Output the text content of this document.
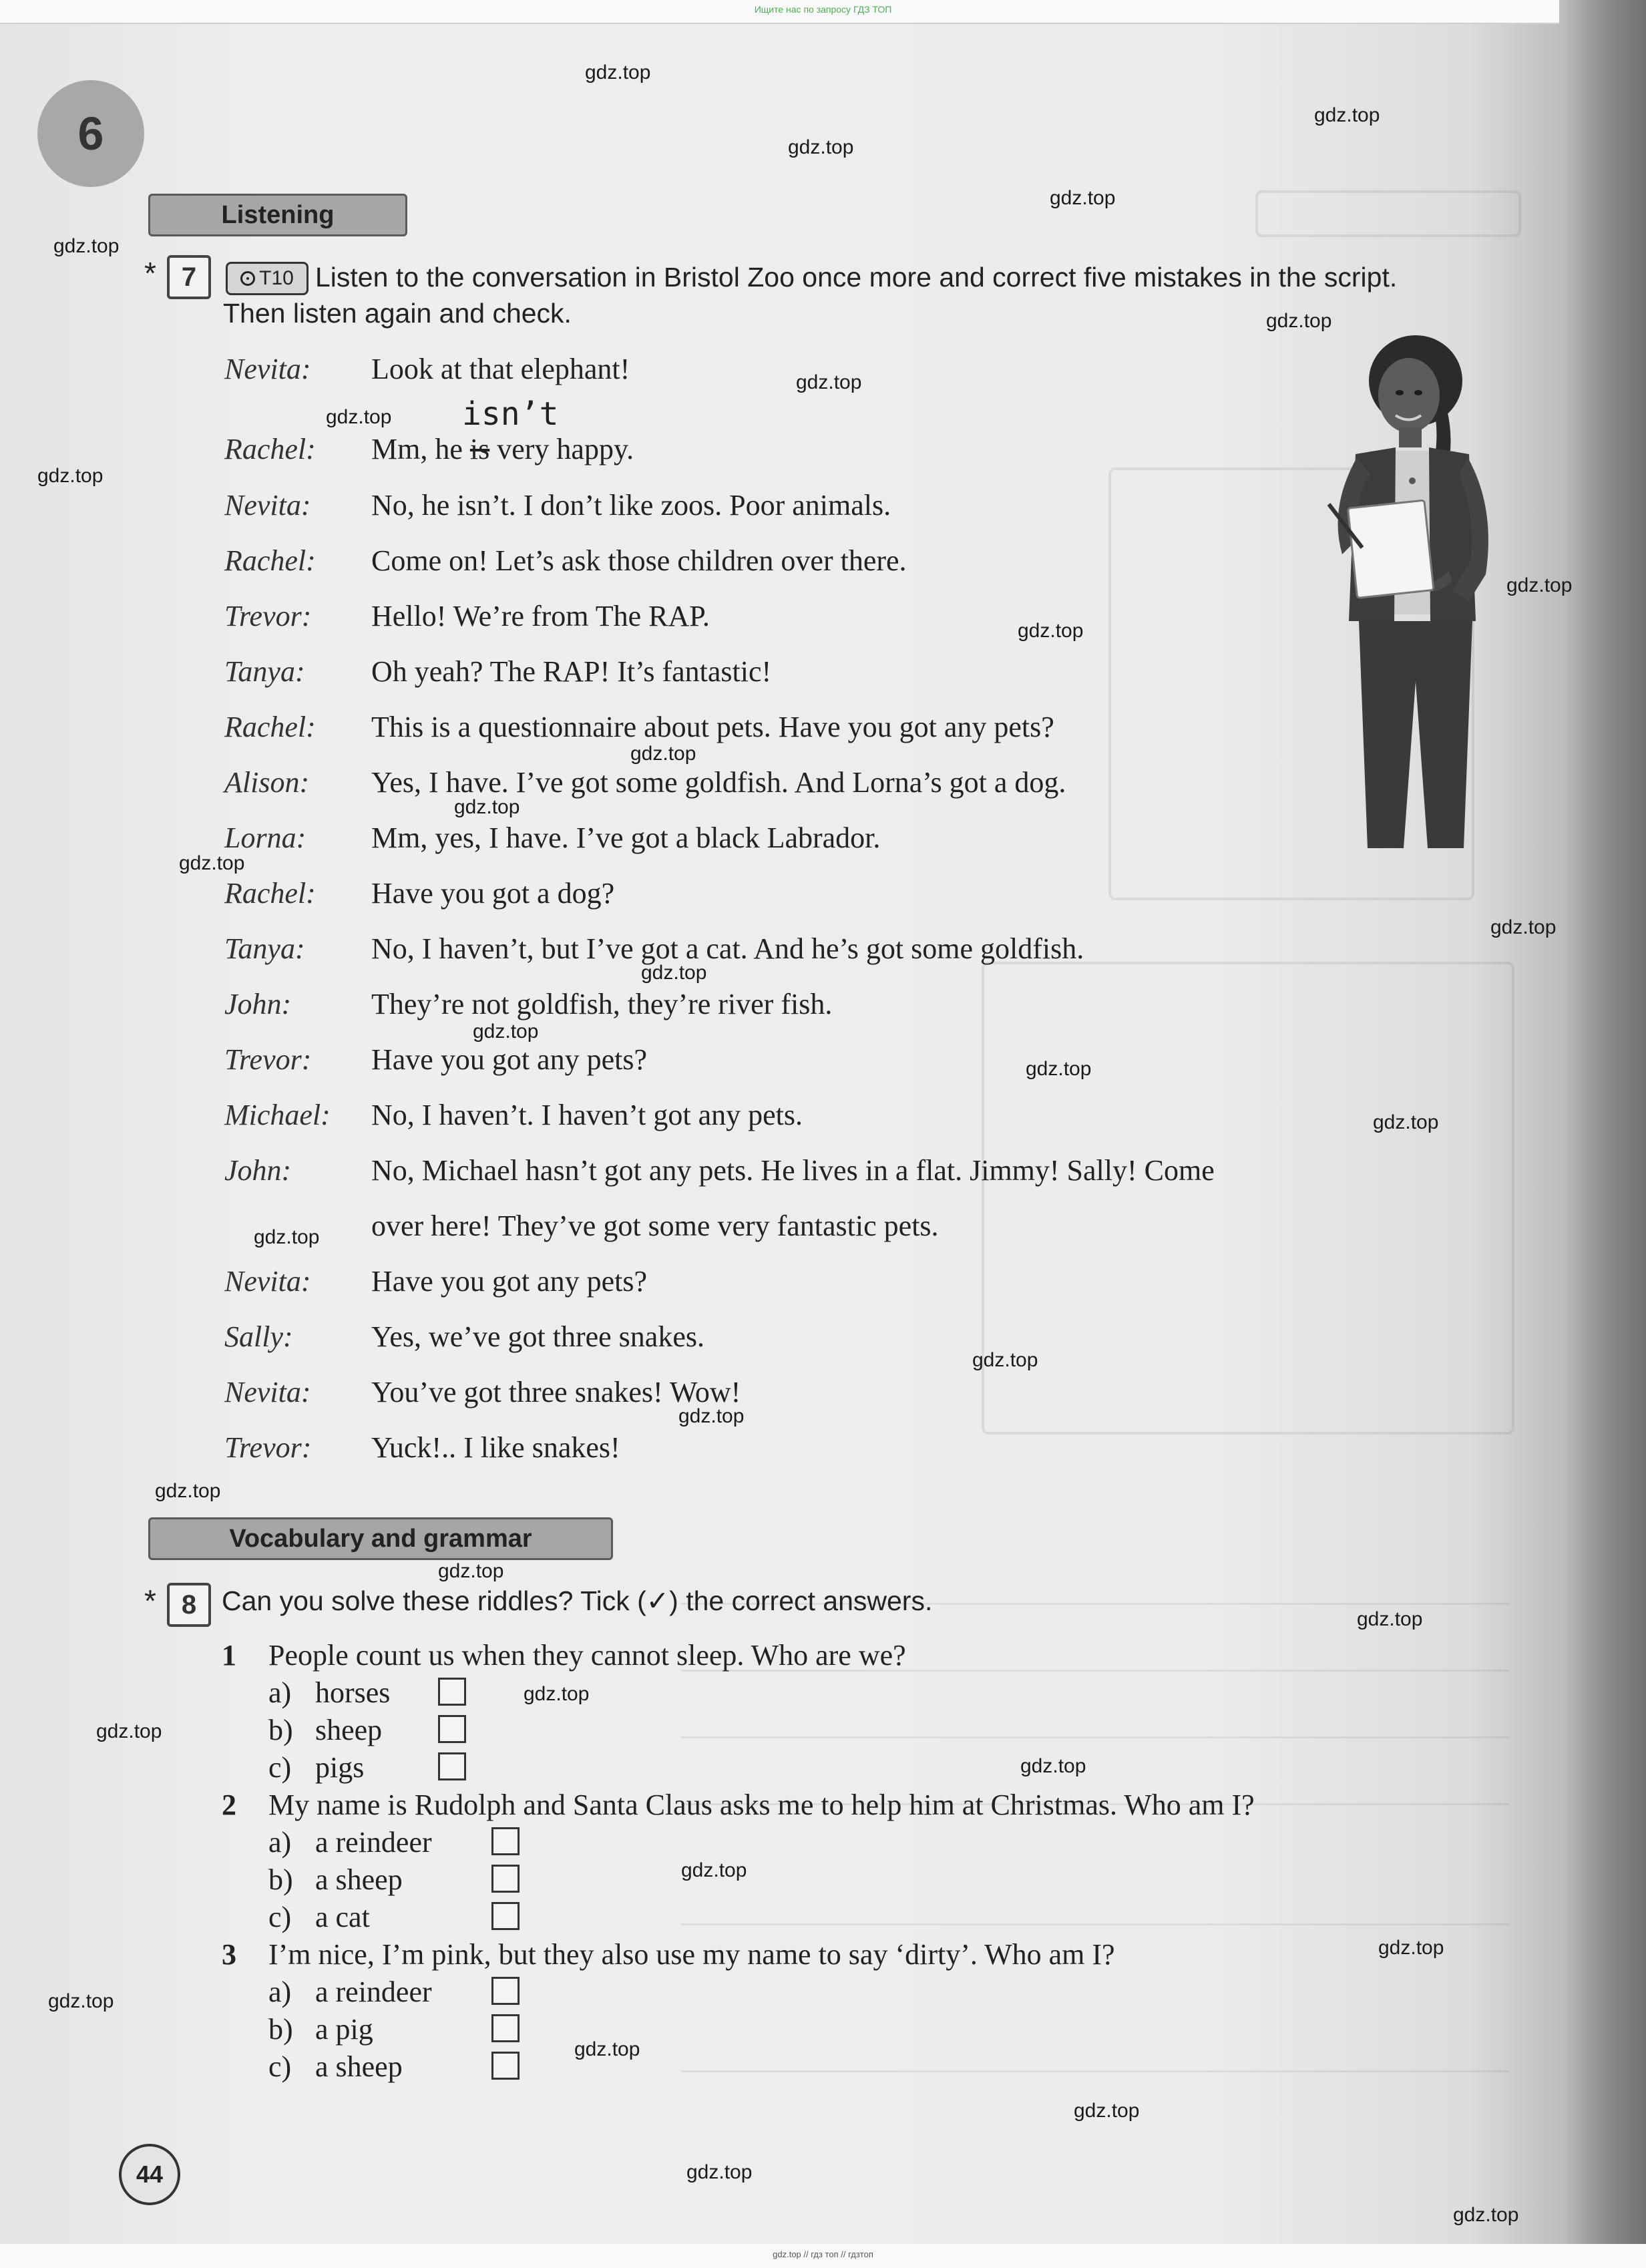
Ищите нас по запросу ГДЗ ТОП
6
Listening
* 7	T10 Listen to the conversation in Bristol Zoo once more and correct five mistakes in the script.
Then listen again and check.
isn’t
Nevita: Look at that elephant!
Rachel: Mm, he is very happy.
Nevita: No, he isn’t. I don’t like zoos. Poor animals.
Rachel: Come on! Let’s ask those children over there.
Trevor: Hello! We’re from The RAP.
Tanya: Oh yeah? The RAP! It’s fantastic!
Rachel: This is a questionnaire about pets. Have you got any pets?
Alison: Yes, I have. I’ve got some goldfish. And Lorna’s got a dog.
Lorna: Mm, yes, I have. I’ve got a black Labrador.
Rachel: Have you got a dog?
Tanya: No, I haven’t, but I’ve got a cat. And he’s got some goldfish.
John:	They’re not goldfish, they’re river fish.
Trevor: Have you got any pets?
Michael: No, I haven’t. I haven’t got any pets.
John:	No, Michael hasn’t got any pets. He lives in a flat. Jimmy! Sally! Come
over here! They’ve got some very fantastic pets.
Nevita: Have you got any pets?
Sally:	Yes, we’ve got three snakes.
Nevita: You’ve got three snakes! Wow!
Trevor: Yuck!.. I like snakes!
Vocabulary and grammar
* 8 Can you solve these riddles? Tick (✓) the correct answers.
1 People count us when they cannot sleep. Who are we?
a) horses
b) sheep
c) pigs
2 My name is Rudolph and Santa Claus asks me to help him at Christmas. Who am I?
a) a reindeer
b) a sheep
c) a cat
3 I’m nice, I’m pink, but they also use my name to say ‘dirty’. Who am I?
a) a reindeer
b) a pig
c) a sheep
44
gdz.top
gdz.top
gdz.top
gdz.top
gdz.top
gdz.top
gdz.top
gdz.top
gdz.top
gdz.top
gdz.top
gdz.top
gdz.top
gdz.top
gdz.top
gdz.top
gdz.top
gdz.top
gdz.top
gdz.top
gdz.top
gdz.top
gdz.top
gdz.top
gdz.top
gdz.top
gdz.top
gdz.top
gdz.top
gdz.top
gdz.top
gdz.top
gdz.top
gdz.top
gdz.top
gdz.top // гдз топ // гдзтоп
